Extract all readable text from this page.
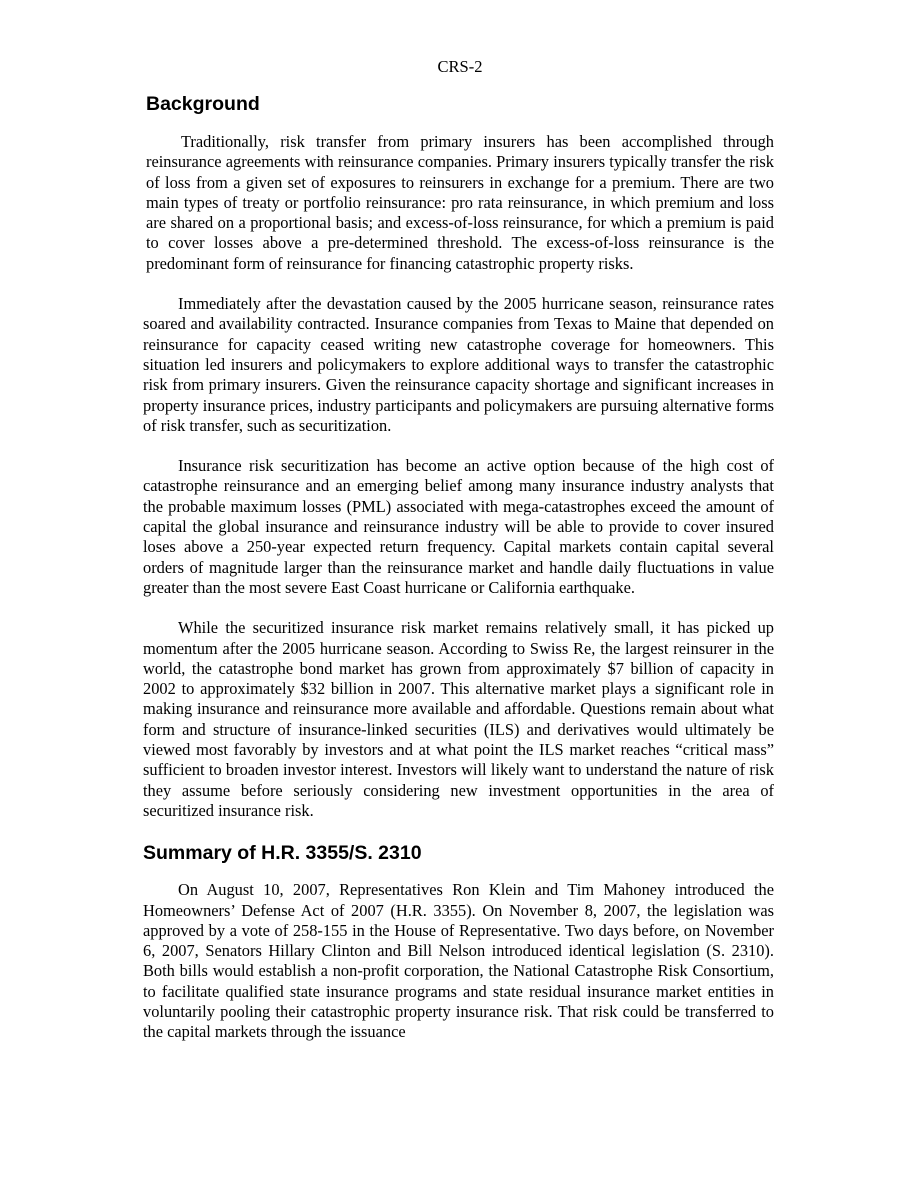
CRS-2
Background

Traditionally, risk transfer from primary insurers has been accomplished through reinsurance agreements with reinsurance companies. Primary insurers typically transfer the risk of loss from a given set of exposures to reinsurers in exchange for a premium. There are two main types of treaty or portfolio reinsurance: pro rata reinsurance, in which premium and loss are shared on a proportional basis; and excess-of-loss reinsurance, for which a premium is paid to cover losses above a pre-determined threshold. The excess-of-loss reinsurance is the predominant form of reinsurance for financing catastrophic property risks.

Immediately after the devastation caused by the 2005 hurricane season, reinsurance rates soared and availability contracted. Insurance companies from Texas to Maine that depended on reinsurance for capacity ceased writing new catastrophe coverage for homeowners. This situation led insurers and policymakers to explore additional ways to transfer the catastrophic risk from primary insurers. Given the reinsurance capacity shortage and significant increases in property insurance prices, industry participants and policymakers are pursuing alternative forms of risk transfer, such as securitization.

Insurance risk securitization has become an active option because of the high cost of catastrophe reinsurance and an emerging belief among many insurance industry analysts that the probable maximum losses (PML) associated with mega-catastrophes exceed the amount of capital the global insurance and reinsurance industry will be able to provide to cover insured loses above a 250-year expected return frequency. Capital markets contain capital several orders of magnitude larger than the reinsurance market and handle daily fluctuations in value greater than the most severe East Coast hurricane or California earthquake.

While the securitized insurance risk market remains relatively small, it has picked up momentum after the 2005 hurricane season. According to Swiss Re, the largest reinsurer in the world, the catastrophe bond market has grown from approximately $7 billion of capacity in 2002 to approximately $32 billion in 2007. This alternative market plays a significant role in making insurance and reinsurance more available and affordable. Questions remain about what form and structure of insurance-linked securities (ILS) and derivatives would ultimately be viewed most favorably by investors and at what point the ILS market reaches “critical mass” sufficient to broaden investor interest. Investors will likely want to understand the nature of risk they assume before seriously considering new investment opportunities in the area of securitized insurance risk.

Summary of H.R. 3355/S. 2310

On August 10, 2007, Representatives Ron Klein and Tim Mahoney introduced the Homeowners’ Defense Act of 2007 (H.R. 3355). On November 8, 2007, the legislation was approved by a vote of 258-155 in the House of Representative. Two days before, on November 6, 2007, Senators Hillary Clinton and Bill Nelson introduced identical legislation (S. 2310). Both bills would establish a non-profit corporation, the National Catastrophe Risk Consortium, to facilitate qualified state insurance programs and state residual insurance market entities in voluntarily pooling their catastrophic property insurance risk. That risk could be transferred to the capital markets through the issuance
